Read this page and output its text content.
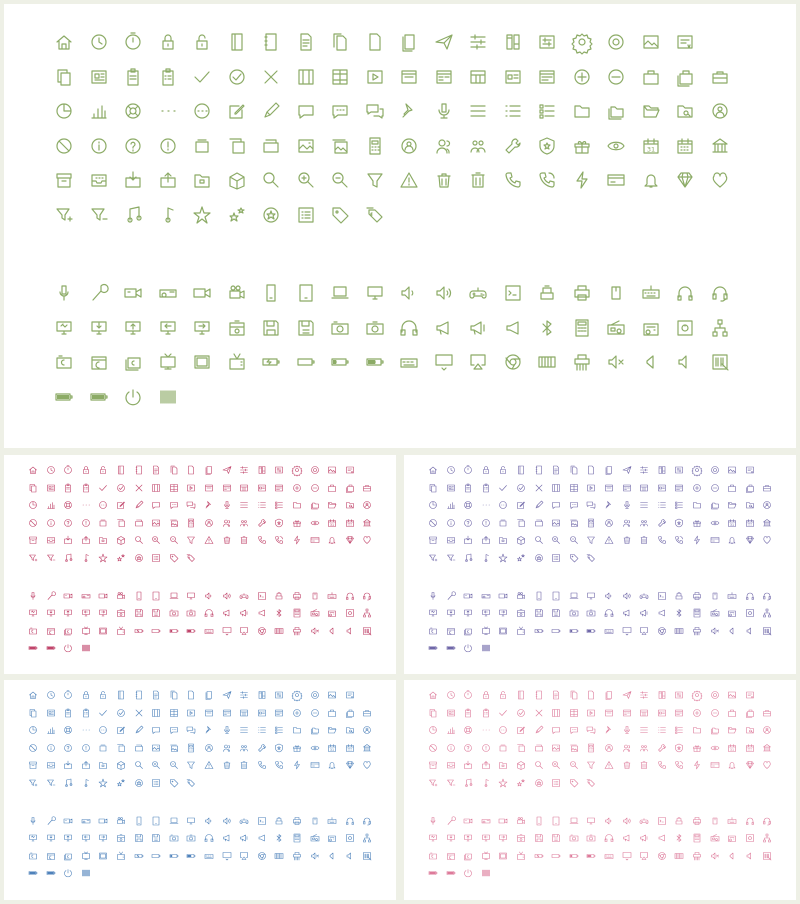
31
31	31
31	31
